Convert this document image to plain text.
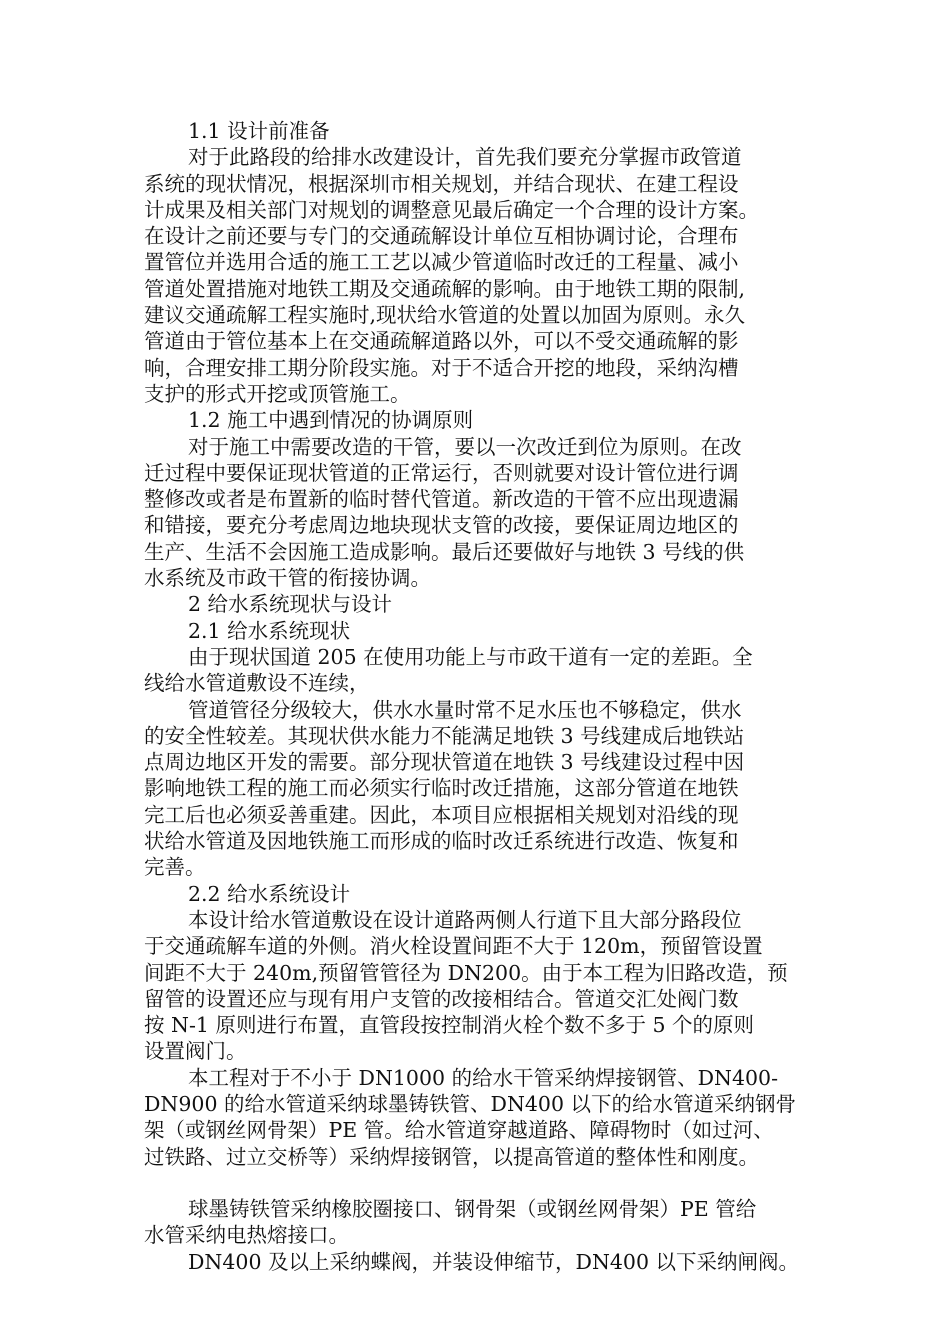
1.1 设计前准备
对于此路段的给排水改建设计，首先我们要充分掌握市政管道
系统的现状情况，根据深圳市相关规划，并结合现状、在建工程设
计成果及相关部门对规划的调整意见最后确定一个合理的设计方案。
在设计之前还要与专门的交通疏解设计单位互相协调讨论，合理布
置管位并选用合适的施工工艺以减少管道临时改迁的工程量、减小
管道处置措施对地铁工期及交通疏解的影响。由于地铁工期的限制,
建议交通疏解工程实施时,现状给水管道的处置以加固为原则。永久
管道由于管位基本上在交通疏解道路以外，可以不受交通疏解的影
响，合理安排工期分阶段实施。对于不适合开挖的地段，采纳沟槽
支护的形式开挖或顶管施工。
1.2 施工中遇到情况的协调原则
对于施工中需要改造的干管，要以一次改迁到位为原则。在改
迁过程中要保证现状管道的正常运行，否则就要对设计管位进行调
整修改或者是布置新的临时替代管道。新改造的干管不应出现遗漏
和错接，要充分考虑周边地块现状支管的改接，要保证周边地区的
生产、生活不会因施工造成影响。最后还要做好与地铁 3 号线的供
水系统及市政干管的衔接协调。
2 给水系统现状与设计
2.1 给水系统现状
由于现状国道 205 在使用功能上与市政干道有一定的差距。全
线给水管道敷设不连续，
管道管径分级较大，供水水量时常不足水压也不够稳定，供水
的安全性较差。其现状供水能力不能满足地铁 3 号线建成后地铁站
点周边地区开发的需要。部分现状管道在地铁 3 号线建设过程中因
影响地铁工程的施工而必须实行临时改迁措施，这部分管道在地铁
完工后也必须妥善重建。因此，本项目应根据相关规划对沿线的现
状给水管道及因地铁施工而形成的临时改迁系统进行改造、恢复和
完善。
2.2 给水系统设计
本设计给水管道敷设在设计道路两侧人行道下且大部分路段位
于交通疏解车道的外侧。消火栓设置间距不大于 120m，预留管设置
间距不大于 240m,预留管管径为 DN200。由于本工程为旧路改造，预
留管的设置还应与现有用户支管的改接相结合。管道交汇处阀门数
按 N-1 原则进行布置，直管段按控制消火栓个数不多于 5 个的原则
设置阀门。
本工程对于不小于 DN1000 的给水干管采纳焊接钢管、DN400-
DN900 的给水管道采纳球墨铸铁管、DN400 以下的给水管道采纳钢骨
架（或钢丝网骨架）PE 管。给水管道穿越道路、障碍物时（如过河、
过铁路、过立交桥等）采纳焊接钢管，以提高管道的整体性和刚度。
球墨铸铁管采纳橡胶圈接口、钢骨架（或钢丝网骨架）PE 管给
水管采纳电热熔接口。
DN400 及以上采纳蝶阀，并装设伸缩节，DN400 以下采纳闸阀。
